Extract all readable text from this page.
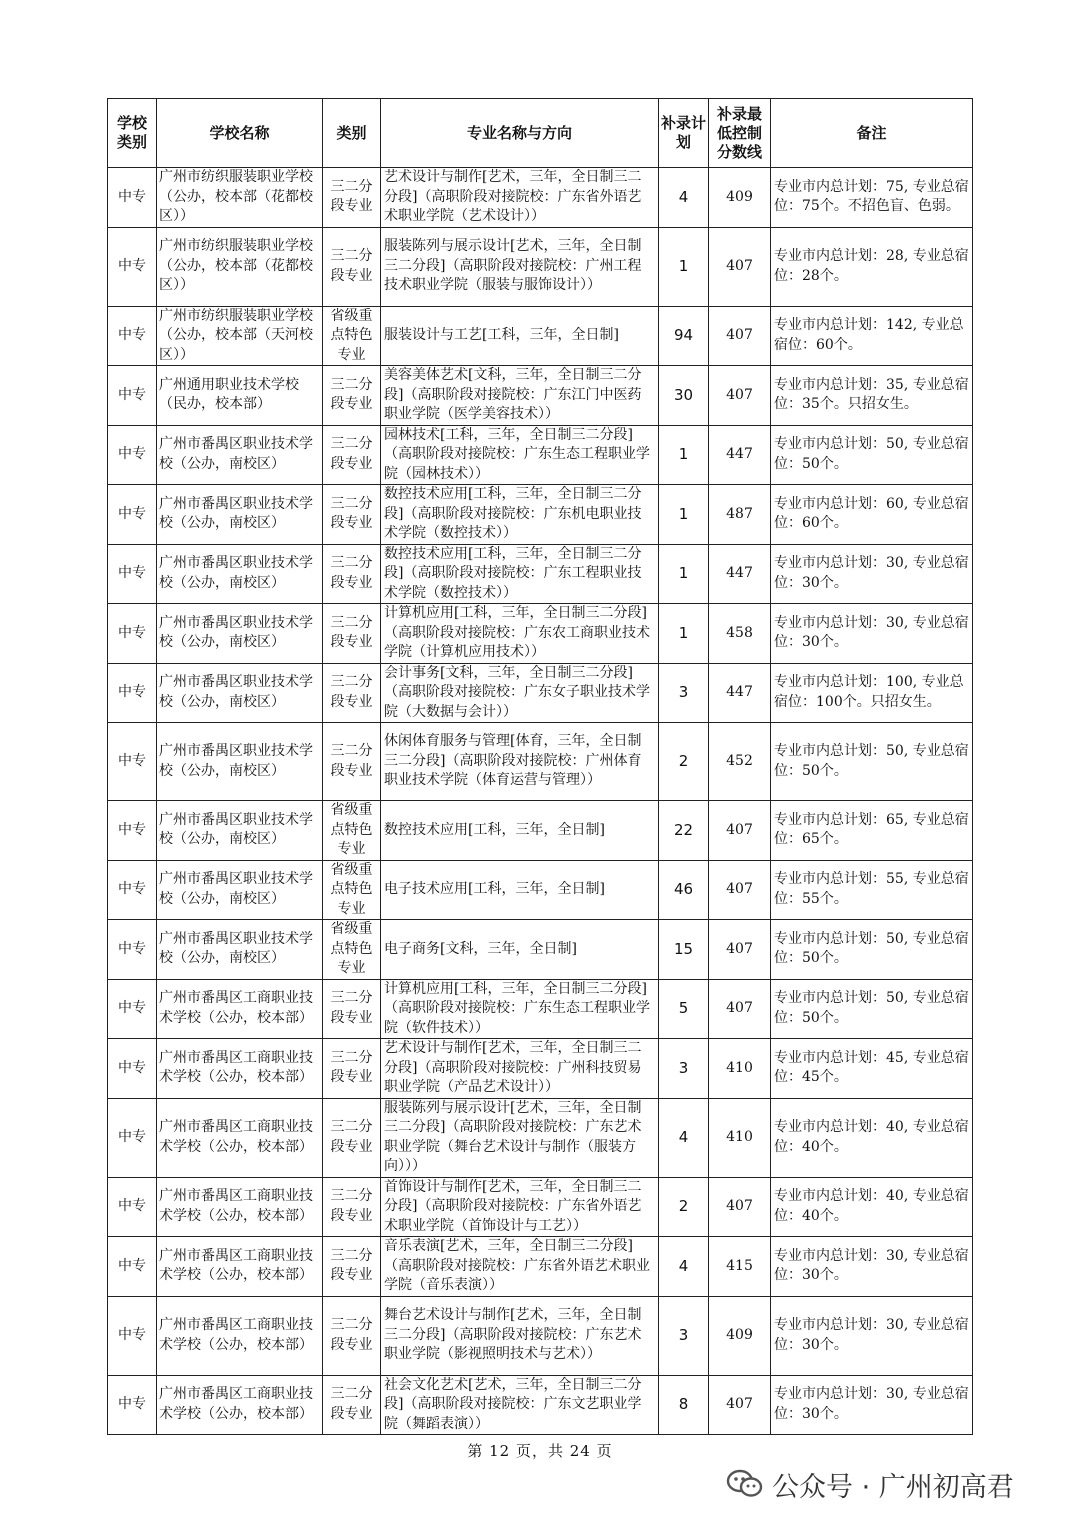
学校类别	学校名称	类别	专业名称与方向	补录计划	补录最低控制分数线	备注
中专	广州市纺织服装职业学校（公办，校本部（花都校区））	三二分段专业	艺术设计与制作[艺术，三年，全日制三二分段]（高职阶段对接院校：广东省外语艺术职业学院（艺术设计））	4	409	专业市内总计划：75, 专业总宿位：75个。不招色盲、色弱。
中专	广州市纺织服装职业学校（公办，校本部（花都校区））	三二分段专业	服装陈列与展示设计[艺术，三年，全日制三二分段]（高职阶段对接院校：广州工程技术职业学院（服装与服饰设计））	1	407	专业市内总计划：28, 专业总宿位：28个。
中专	广州市纺织服装职业学校（公办，校本部（天河校区））	省级重点特色专业	服装设计与工艺[工科，三年，全日制]	94	407	专业市内总计划：142, 专业总宿位：60个。
中专	广州通用职业技术学校（民办，校本部）	三二分段专业	美容美体艺术[文科，三年，全日制三二分段]（高职阶段对接院校：广东江门中医药职业学院（医学美容技术））	30	407	专业市内总计划：35, 专业总宿位：35个。只招女生。
中专	广州市番禺区职业技术学校（公办，南校区）	三二分段专业	园林技术[工科，三年，全日制三二分段]（高职阶段对接院校：广东生态工程职业学院（园林技术））	1	447	专业市内总计划：50, 专业总宿位：50个。
中专	广州市番禺区职业技术学校（公办，南校区）	三二分段专业	数控技术应用[工科，三年，全日制三二分段]（高职阶段对接院校：广东机电职业技术学院（数控技术））	1	487	专业市内总计划：60, 专业总宿位：60个。
中专	广州市番禺区职业技术学校（公办，南校区）	三二分段专业	数控技术应用[工科，三年，全日制三二分段]（高职阶段对接院校：广东工程职业技术学院（数控技术））	1	447	专业市内总计划：30, 专业总宿位：30个。
中专	广州市番禺区职业技术学校（公办，南校区）	三二分段专业	计算机应用[工科，三年，全日制三二分段]（高职阶段对接院校：广东农工商职业技术学院（计算机应用技术））	1	458	专业市内总计划：30, 专业总宿位：30个。
中专	广州市番禺区职业技术学校（公办，南校区）	三二分段专业	会计事务[文科，三年，全日制三二分段]（高职阶段对接院校：广东女子职业技术学院（大数据与会计））	3	447	专业市内总计划：100, 专业总宿位：100个。只招女生。
中专	广州市番禺区职业技术学校（公办，南校区）	三二分段专业	休闲体育服务与管理[体育，三年，全日制三二分段]（高职阶段对接院校：广州体育职业技术学院（体育运营与管理））	2	452	专业市内总计划：50, 专业总宿位：50个。
中专	广州市番禺区职业技术学校（公办，南校区）	省级重点特色专业	数控技术应用[工科，三年，全日制]	22	407	专业市内总计划：65, 专业总宿位：65个。
中专	广州市番禺区职业技术学校（公办，南校区）	省级重点特色专业	电子技术应用[工科，三年，全日制]	46	407	专业市内总计划：55, 专业总宿位：55个。
中专	广州市番禺区职业技术学校（公办，南校区）	省级重点特色专业	电子商务[文科，三年，全日制]	15	407	专业市内总计划：50, 专业总宿位：50个。
中专	广州市番禺区工商职业技术学校（公办，校本部）	三二分段专业	计算机应用[工科，三年，全日制三二分段]（高职阶段对接院校：广东生态工程职业学院（软件技术））	5	407	专业市内总计划：50, 专业总宿位：50个。
中专	广州市番禺区工商职业技术学校（公办，校本部）	三二分段专业	艺术设计与制作[艺术，三年，全日制三二分段]（高职阶段对接院校：广州科技贸易职业学院（产品艺术设计））	3	410	专业市内总计划：45, 专业总宿位：45个。
中专	广州市番禺区工商职业技术学校（公办，校本部）	三二分段专业	服装陈列与展示设计[艺术，三年，全日制三二分段]（高职阶段对接院校：广东艺术职业学院（舞台艺术设计与制作（服装方向）））	4	410	专业市内总计划：40, 专业总宿位：40个。
中专	广州市番禺区工商职业技术学校（公办，校本部）	三二分段专业	首饰设计与制作[艺术，三年，全日制三二分段]（高职阶段对接院校：广东省外语艺术职业学院（首饰设计与工艺））	2	407	专业市内总计划：40, 专业总宿位：40个。
中专	广州市番禺区工商职业技术学校（公办，校本部）	三二分段专业	音乐表演[艺术，三年，全日制三二分段]（高职阶段对接院校：广东省外语艺术职业学院（音乐表演））	4	415	专业市内总计划：30, 专业总宿位：30个。
中专	广州市番禺区工商职业技术学校（公办，校本部）	三二分段专业	舞台艺术设计与制作[艺术，三年，全日制三二分段]（高职阶段对接院校：广东艺术职业学院（影视照明技术与艺术））	3	409	专业市内总计划：30, 专业总宿位：30个。
中专	广州市番禺区工商职业技术学校（公办，校本部）	三二分段专业	社会文化艺术[艺术，三年，全日制三二分段]（高职阶段对接院校：广东文艺职业学院（舞蹈表演））	8	407	专业市内总计划：30, 专业总宿位：30个。
第 12 页，共 24 页
公众号 · 广州初高君
